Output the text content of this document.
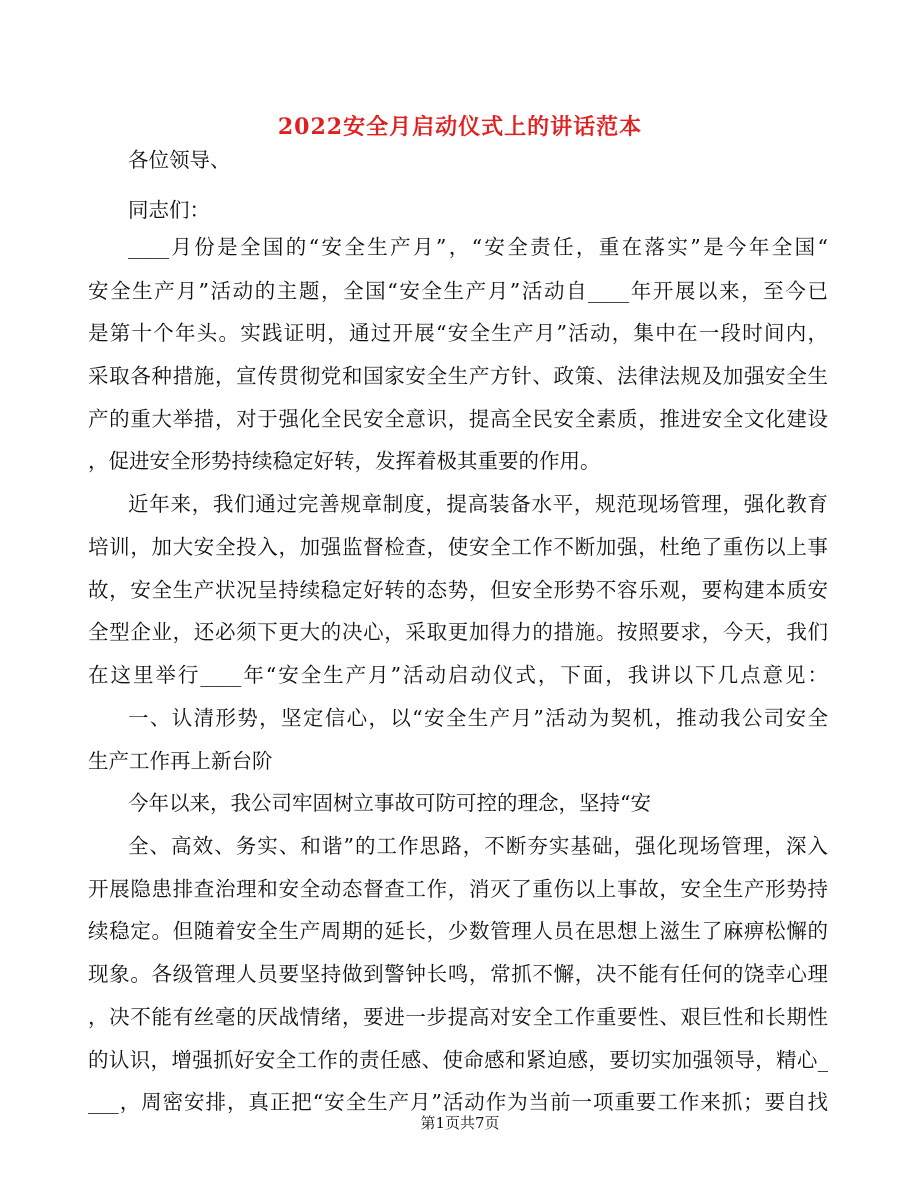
2022安全月启动仪式上的讲话范本
各位领导、
同志们：
____月份是全国的“安全生产月”，“安全责任，重在落实”是今年全国“
安全生产月”活动的主题，全国“安全生产月”活动自____年开展以来，至今已
是第十个年头。实践证明，通过开展“安全生产月”活动，集中在一段时间内，
采取各种措施，宣传贯彻党和国家安全生产方针、政策、法律法规及加强安全生
产的重大举措，对于强化全民安全意识，提高全民安全素质，推进安全文化建设
，促进安全形势持续稳定好转，发挥着极其重要的作用。
近年来，我们通过完善规章制度，提高装备水平，规范现场管理，强化教育
培训，加大安全投入，加强监督检查，使安全工作不断加强，杜绝了重伤以上事
故，安全生产状况呈持续稳定好转的态势，但安全形势不容乐观，要构建本质安
全型企业，还必须下更大的决心，采取更加得力的措施。按照要求，今天，我们
在这里举行____年“安全生产月”活动启动仪式，下面，我讲以下几点意见：
一、认清形势，坚定信心，以“安全生产月”活动为契机，推动我公司安全
生产工作再上新台阶
今年以来，我公司牢固树立事故可防可控的理念，坚持“安
全、高效、务实、和谐”的工作思路，不断夯实基础，强化现场管理，深入
开展隐患排查治理和安全动态督查工作，消灭了重伤以上事故，安全生产形势持
续稳定。但随着安全生产周期的延长，少数管理人员在思想上滋生了麻痹松懈的
现象。各级管理人员要坚持做到警钟长鸣，常抓不懈，决不能有任何的饶幸心理
，决不能有丝毫的厌战情绪，要进一步提高对安全工作重要性、艰巨性和长期性
的认识，增强抓好安全工作的责任感、使命感和紧迫感，要切实加强领导，精心_
___，周密安排，真正把“安全生产月”活动作为当前一项重要工作来抓；要自找
第1页共7页
